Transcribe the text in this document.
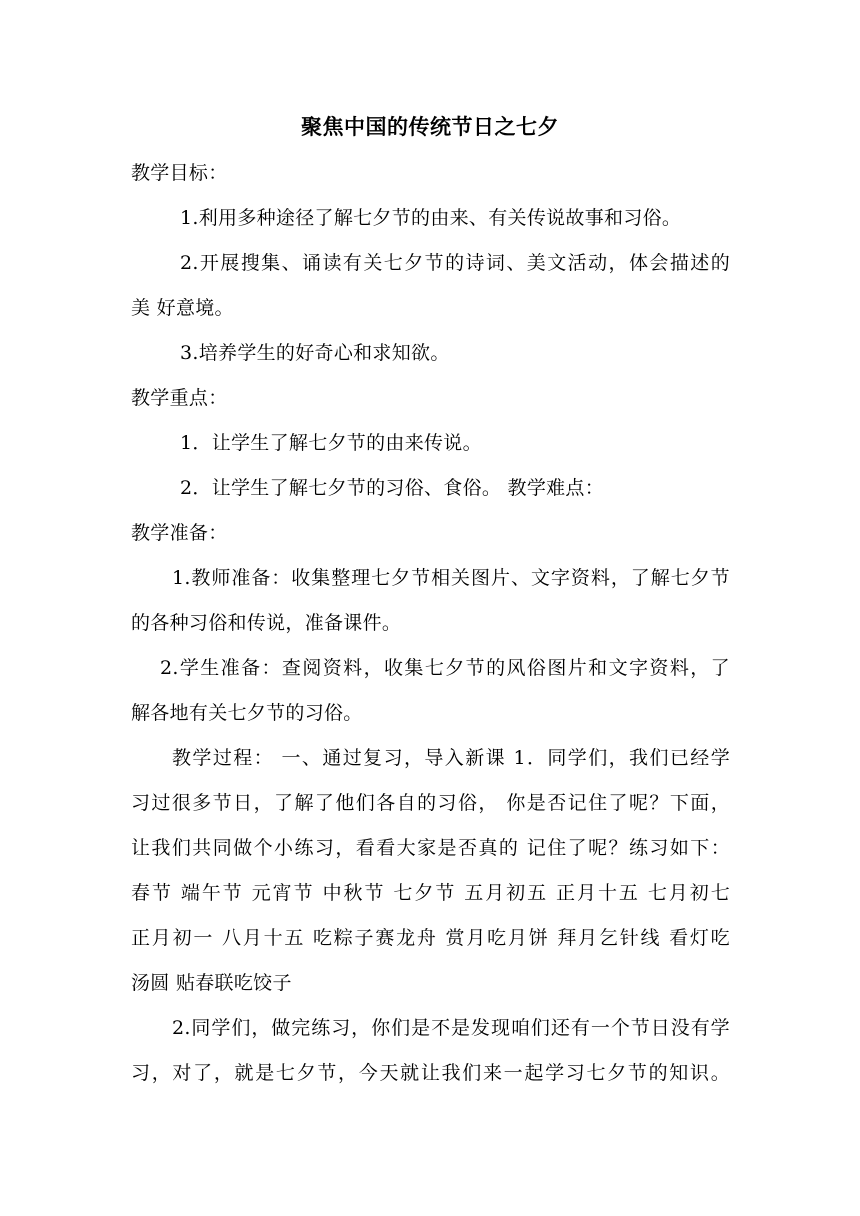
聚焦中国的传统节日之七夕
教学目标：
1.利用多种途径了解七夕节的由来、有关传说故事和习俗。
2.开展搜集、诵读有关七夕节的诗词、美文活动，体会描述的
美 好意境。
3.培养学生的好奇心和求知欲。
教学重点：
1．让学生了解七夕节的由来传说。
2．让学生了解七夕节的习俗、食俗。 教学难点：
教学准备：
1.教师准备：收集整理七夕节相关图片、文字资料，了解七夕节
的各种习俗和传说，准备课件。
2.学生准备：查阅资料，收集七夕节的风俗图片和文字资料，了
解各地有关七夕节的习俗。
教学过程： 一、通过复习，导入新课 1．同学们，我们已经学
习过很多节日，了解了他们各自的习俗， 你是否记住了呢？下面，
让我们共同做个小练习，看看大家是否真的 记住了呢？练习如下：
春节 端午节 元宵节 中秋节 七夕节 五月初五 正月十五 七月初七
正月初一 八月十五 吃粽子赛龙舟 赏月吃月饼 拜月乞针线 看灯吃
汤圆 贴春联吃饺子
2.同学们，做完练习，你们是不是发现咱们还有一个节日没有学
习，对了，就是七夕节，今天就让我们来一起学习七夕节的知识。
